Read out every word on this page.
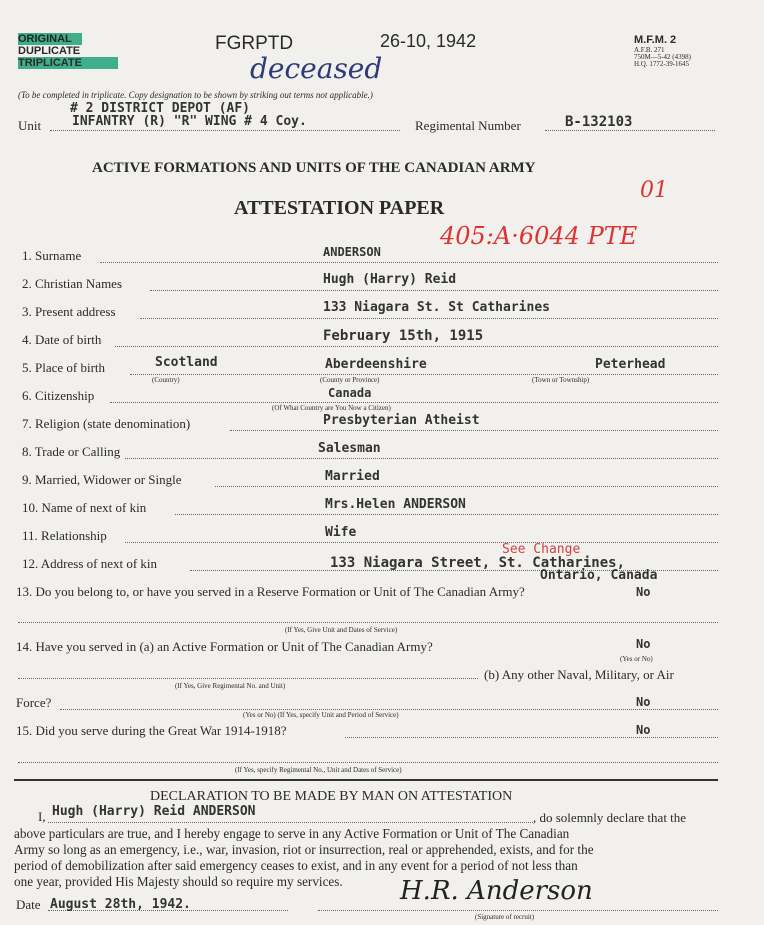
ORIGINAL
DUPLICATE
TRIPLICATE
FGRPTD	26-10, 1942
deceased
M.F.M. 2
A.F.B. 271
750M—5-42 (4398)
H.Q. 1772-39-1645
(To be completed in triplicate. Copy designation to be shown by striking out terms not applicable.)
# 2 DISTRICT DEPOT (AF)
Unit INFANTRY (R) "R" WING # 4 Coy.	Regimental Number	B-132103
ACTIVE FORMATIONS AND UNITS OF THE CANADIAN ARMY
ATTESTATION PAPER
01
405:A·6044 PTE
1. Surname	ANDERSON
2. Christian Names	Hugh (Harry) Reid
3. Present address	133 Niagara St. St Catharines
4. Date of birth	February 15th, 1915
5. Place of birth	Scotland	Aberdeenshire	Peterhead
(Country)	(County or Province)	(Town or Township)
6. Citizenship	Canada
(Of What Country are You Now a Citizen)
7. Religion (state denomination)	Presbyterian Atheist
8. Trade or Calling	Salesman
9. Married, Widower or Single	Married
10. Name of next of kin	Mrs.Helen ANDERSON
11. Relationship	Wife
12. Address of next of kin
See Change
133 Niagara Street, St. Catharines,
Ontario, Canada
13. Do you belong to, or have you served in a Reserve Formation or Unit of The Canadian Army?	No
(If Yes, Give Unit and Dates of Service)
14. Have you served in (a) an Active Formation or Unit of The Canadian Army?	No
(Yes or No)
(b) Any other Naval, Military, or Air
(If Yes, Give Regimental No. and Unit)
Force?	No
(Yes or No) (If Yes, specify Unit and Period of Service)
15. Did you serve during the Great War 1914-1918?	No
(If Yes, specify Regimental No., Unit and Dates of Service)
DECLARATION TO BE MADE BY MAN ON ATTESTATION
I, Hugh (Harry) Reid ANDERSON	, do solemnly declare that the
above particulars are true, and I hereby engage to serve in any Active Formation or Unit of The Canadian
Army so long as an emergency, i.e., war, invasion, riot or insurrection, real or apprehended, exists, and for the
period of demobilization after said emergency ceases to exist, and in any event for a period of not less than
one year, provided His Majesty should so require my services.
Date August 28th, 1942.	H.R. Anderson
(Signature of recruit)
